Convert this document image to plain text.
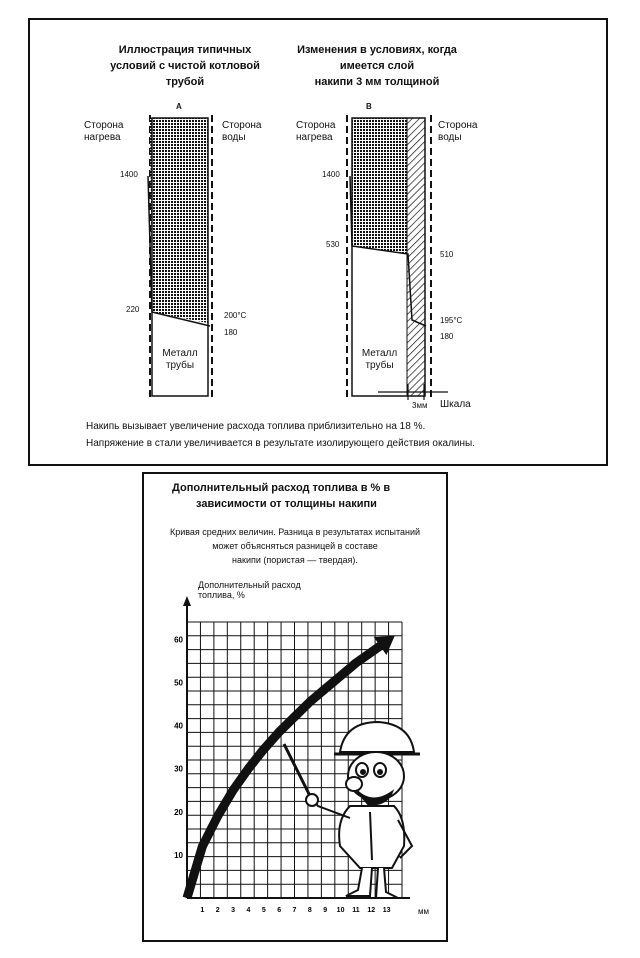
Иллюстрация типичных
условий с чистой котловой
трубой
Изменения в условиях, когда
имеется слой
накипи 3 мм толщиной
A	B
Сторона
нагрева
Сторона
воды
Сторона
нагрева
Сторона
воды
1400
220
200°C
180
1400
530
510
195°C
180
Металл
трубы
Металл
трубы
3мм Шкала
Накипь вызывает увеличение расхода топлива приблизительно на 18 %.
Напряжение в стали увеличивается в результате изолирующего действия окалины.
Дополнительный расход топлива в % в
зависимости от толщины накипи
Кривая средних величин. Разница в результатах испытаний
может объясняться разницей в составе
накипи (пористая — твердая).
Дополнительный расход
топлива, %
10
20
30
40
50
60
1 2 3 4 5 6 7 8 9 10 11 12 13	мм
